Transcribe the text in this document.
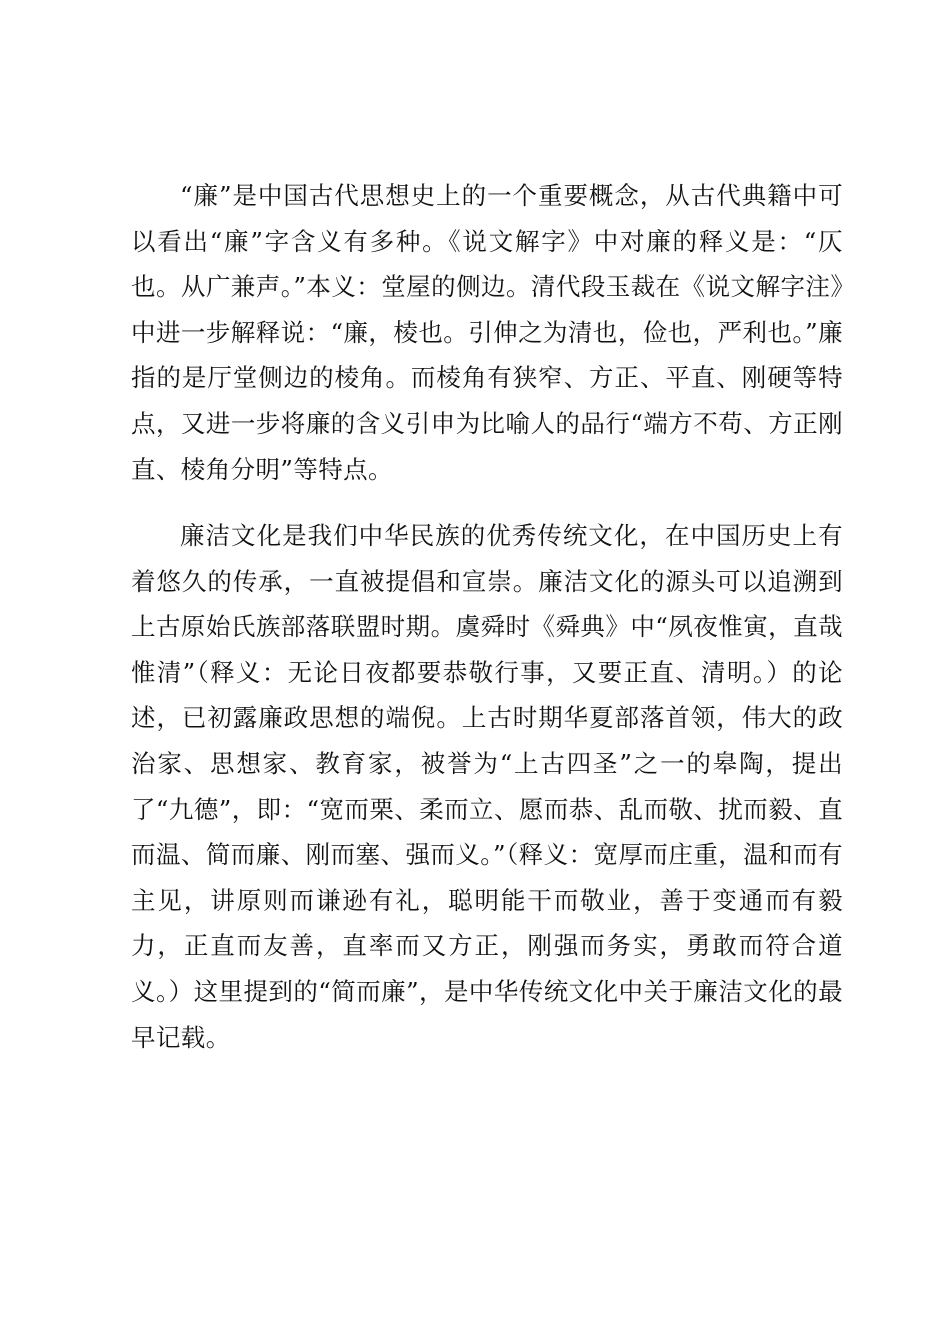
“廉”是中国古代思想史上的一个重要概念，从古代典籍中可以看出“廉”字含义有多种。《说文解字》中对廉的释义是：“仄也。从广兼声。”本义：堂屋的侧边。清代段玉裁在《说文解字注》中进一步解释说：“廉，棱也。引伸之为清也，俭也，严利也。”廉指的是厅堂侧边的棱角。而棱角有狭窄、方正、平直、刚硬等特点，又进一步将廉的含义引申为比喻人的品行“端方不苟、方正刚直、棱角分明”等特点。

廉洁文化是我们中华民族的优秀传统文化，在中国历史上有着悠久的传承，一直被提倡和宣崇。廉洁文化的源头可以追溯到上古原始氏族部落联盟时期。虞舜时《舜典》中“夙夜惟寅，直哉惟清”（释义：无论日夜都要恭敬行事，又要正直、清明。）的论述，已初露廉政思想的端倪。上古时期华夏部落首领，伟大的政治家、思想家、教育家，被誉为“上古四圣”之一的皋陶，提出了“九德”，即：“宽而栗、柔而立、愿而恭、乱而敬、扰而毅、直而温、简而廉、刚而塞、强而义。”（释义：宽厚而庄重，温和而有主见，讲原则而谦逊有礼，聪明能干而敬业，善于变通而有毅力，正直而友善，直率而又方正，刚强而务实，勇敢而符合道义。）这里提到的“简而廉”，是中华传统文化中关于廉洁文化的最早记载。
